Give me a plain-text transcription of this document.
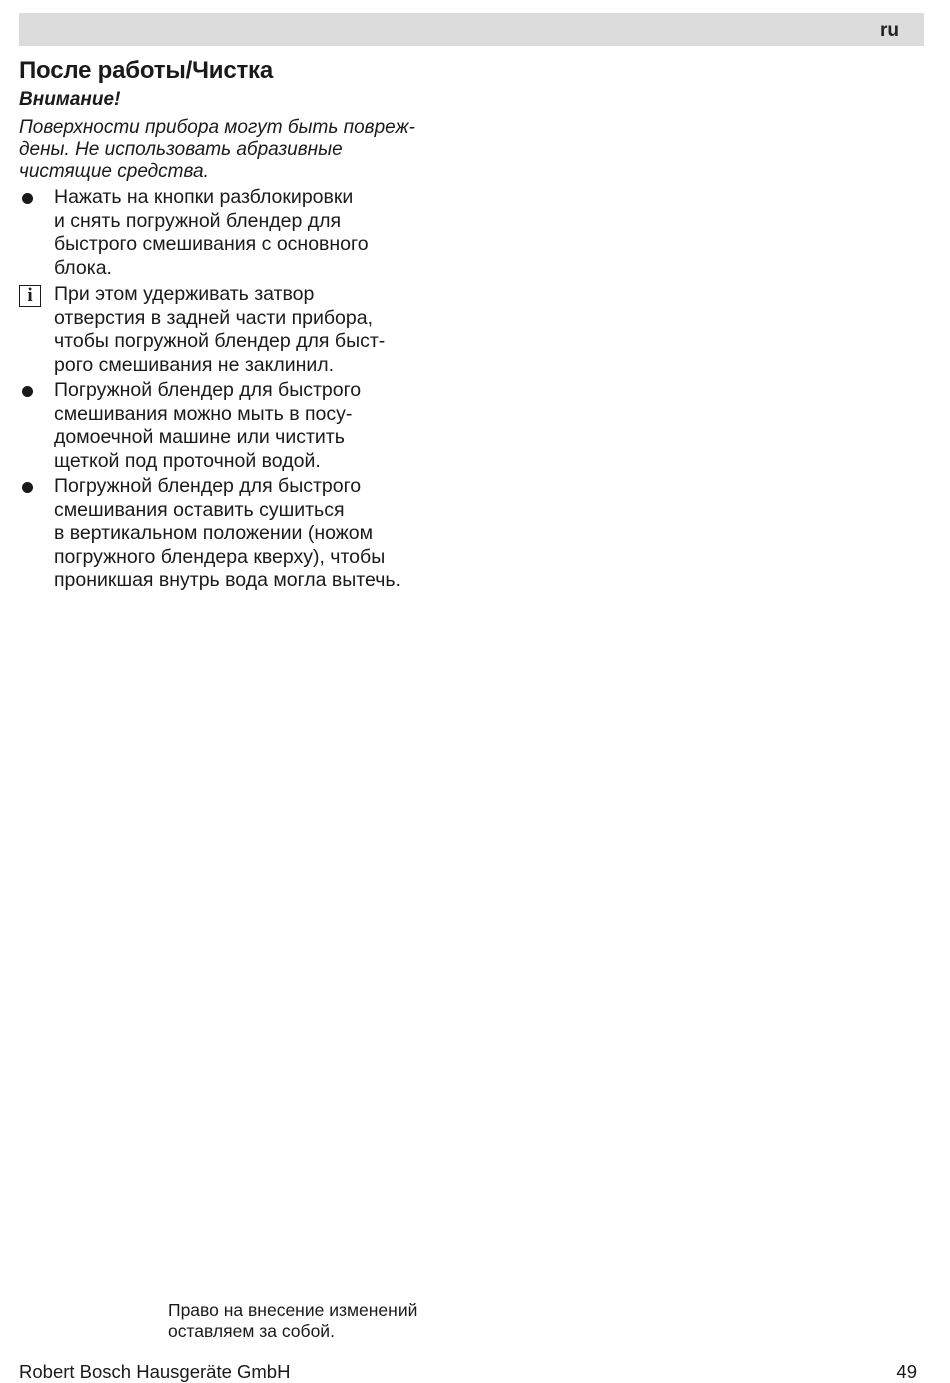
ru
После работы/Чистка
Внимание!
Поверхности прибора могут быть повреж-
дены. Не использовать абразивные
чистящие средства.
Нажать на кнопки разблокировки
и снять погружной блендер для
быстрого смешивания с основного
блока.
i	При этом удерживать затвор
отверстия в задней части прибора,
чтобы погружной блендер для быст-
рого смешивания не заклинил.
Погружной блендер для быстрого
смешивания можно мыть в посу-
домоечной машине или чистить
щеткой под проточной водой.
Погружной блендер для быстрого
смешивания оставить сушиться
в вертикальном положении (ножом
погружного блендера кверху), чтобы
проникшая внутрь вода могла вытечь.
Право на внесение изменений
оставляем за собой.
Robert Bosch Hausgeräte GmbH	49
